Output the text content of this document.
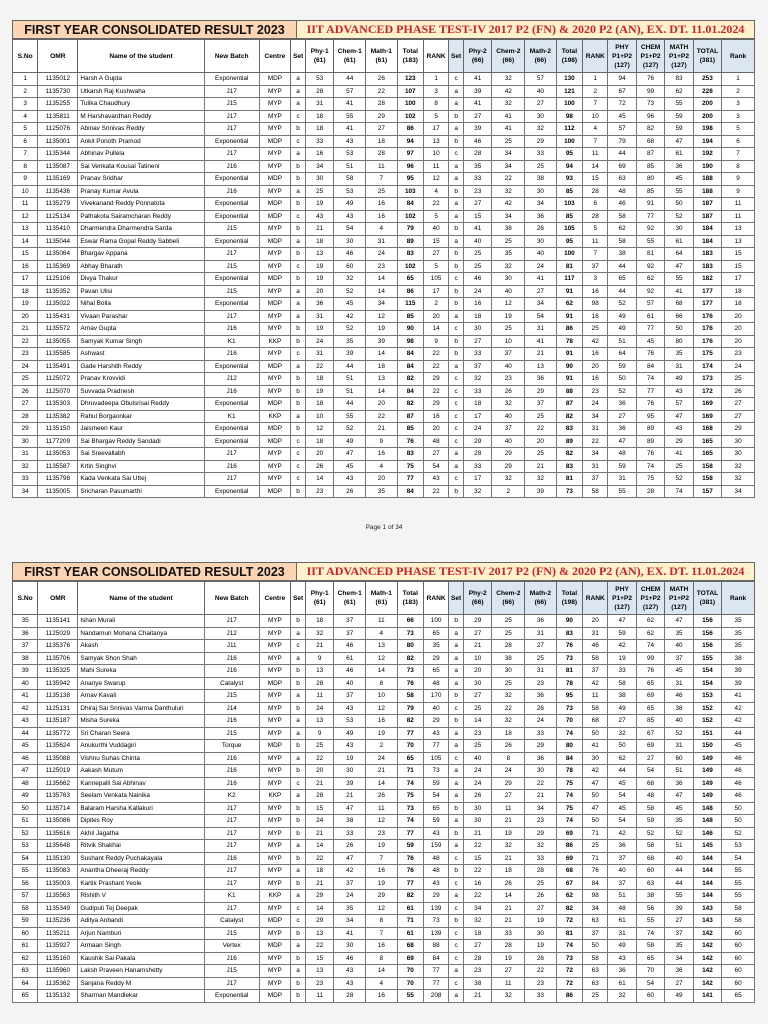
FIRST YEAR CONSOLIDATED RESULT 2023	IIT ADVANCED PHASE TEST-IV 2017 P2 (FN) & 2020 P2 (AN), EX. DT. 11.01.2024
S.No	OMR	Name of the student	New Batch	Centre	Set	Phy-1 (61)	Chem-1 (61)	Math-1 (61)	Total (183)	RANK	Set	Phy-2 (66)	Chem-2 (66)	Math-2 (66)	Total (198)	RANK	PHY P1+P2 (127)	CHEM P1+P2 (127)	MATH P1+P2 (127)	TOTAL (381)	Rank
1	1135012	Harsh A Gupta	Exponential	MDP	a	53	44	26	123	1	c	41	32	57	130	1	94	76	83	253	1
2	1135730	Utkarsh Raj Kushwaha	J17	MYP	a	28	57	22	107	3	a	39	42	40	121	2	67	99	62	228	2
3	1135255	Tulika Chaudhury	J15	MYP	a	31	41	28	100	8	a	41	32	27	100	7	72	73	55	200	3
4	1135811	M Harshavardhan Reddy	J17	MYP	c	18	55	29	102	5	b	27	41	30	98	10	45	96	59	200	3
5	1125076	Abinav Srinivas Reddy	J17	MYP	b	18	41	27	86	17	a	39	41	32	112	4	57	82	59	198	5
6	1135001	Ankit Ponoth Pramod	Exponential	MDP	c	33	43	18	94	13	b	46	25	29	100	7	79	68	47	194	6
7	1135344	Abhinav Pullela	J17	MYP	a	16	53	28	97	10	c	28	34	33	95	11	44	87	61	192	7
8	1135087	Sai Venkata Kousal Tatineni	J16	MYP	b	34	51	11	96	11	a	35	34	25	94	14	69	85	36	190	8
9	1135169	Pranav Sridhar	Exponential	MDP	b	30	58	7	95	12	a	33	22	38	93	15	63	80	45	188	9
10	1135436	Pranay Kumar Avula	J16	MYP	a	25	53	25	103	4	b	23	32	30	85	28	48	85	55	188	9
11	1135279	Vivekanand Reddy Ponnatota	Exponential	MDP	b	19	49	16	84	22	a	27	42	34	103	6	46	91	50	187	11
12	1125134	Pathakota Sairamcharan Reddy	Exponential	MDP	c	43	43	16	102	5	a	15	34	36	85	28	58	77	52	187	11
13	1135410	Dharmendra Dharmendra Sarda	J15	MYP	b	21	54	4	79	40	b	41	38	26	105	5	62	92	30	184	13
14	1135044	Eswar Rama Gopal Reddy Sabbeli	Exponential	MDP	a	18	30	31	89	15	a	40	25	30	95	11	58	55	61	184	13
15	1135064	Bhargav Appana	J17	MYP	b	13	46	24	83	27	b	25	35	40	100	7	38	81	64	183	15
16	1135369	Abhay Bharath	J15	MYP	c	19	60	23	102	5	b	25	32	24	81	37	44	92	47	183	15
17	1125106	Divya Thakur	Exponential	MDP	b	19	32	14	65	105	c	46	30	41	117	3	65	62	55	182	17
18	1135352	Pavan Ulisi	J15	MYP	a	20	52	14	86	17	b	24	40	27	91	16	44	92	41	177	18
19	1135022	Nihal Bolla	Exponential	MDP	a	36	45	34	115	2	b	16	12	34	62	98	52	57	68	177	18
20	1135431	Vivaan Parashar	J17	MYP	a	31	42	12	85	20	a	18	19	54	91	16	49	61	66	176	20
21	1135572	Arnav Gupta	J16	MYP	b	19	52	19	90	14	c	30	25	31	86	25	49	77	50	176	20
22	1135055	Samyak Kumar Singh	K1	KKP	b	24	35	39	98	9	b	27	10	41	78	42	51	45	80	176	20
23	1135585	Ashwast	J16	MYP	c	31	39	14	84	22	b	33	37	21	91	16	64	76	35	175	23
24	1135491	Gade Harshith Reddy	Exponential	MDP	a	22	44	18	84	22	a	37	40	13	90	20	59	84	31	174	24
25	1125072	Pranav Krovvidi	J12	MYP	b	18	51	13	82	29	c	32	23	36	91	16	50	74	49	173	25
26	1125070	Suvvada Pradnesh	J16	MYP	b	19	51	14	84	22	c	33	26	29	88	23	52	77	43	172	26
27	1135303	Dhruvadeepa Obulsrisai Reddy	Exponential	MDP	b	18	44	20	82	29	c	18	32	37	87	24	36	76	57	169	27
28	1135382	Rahul Borgaonkar	K1	KKP	a	10	55	22	87	16	c	17	40	25	82	34	27	95	47	169	27
29	1135150	Jaismeen Kaur	Exponential	MDP	b	12	52	21	85	20	c	24	37	22	83	31	36	89	43	168	29
30	1177209	Sai Bhargav Reddy Sandadi	Exponential	MDP	c	18	49	9	76	48	c	29	40	20	89	22	47	89	29	165	30
31	1135053	Sai Sreevallabh	J17	MYP	c	20	47	16	83	27	a	28	29	25	82	34	48	76	41	165	30
32	1135587	Krtin Singhvi	J16	MYP	c	26	45	4	75	54	a	33	29	21	83	31	59	74	25	158	32
33	1135798	Kada Venkata Sai Uttej	J17	MYP	c	14	43	20	77	43	c	17	32	32	81	37	31	75	52	158	32
34	1135005	Sricharan Pasumarthi	Exponential	MDP	b	23	26	35	84	22	b	32	2	39	73	58	55	28	74	157	34
Page 1 of 34
FIRST YEAR CONSOLIDATED RESULT 2023	IIT ADVANCED PHASE TEST-IV 2017 P2 (FN) & 2020 P2 (AN), EX. DT. 11.01.2024
S.No	OMR	Name of the student	New Batch	Centre	Set	Phy-1 (61)	Chem-1 (61)	Math-1 (61)	Total (183)	RANK	Set	Phy-2 (66)	Chem-2 (66)	Math-2 (66)	Total (198)	RANK	PHY P1+P2 (127)	CHEM P1+P2 (127)	MATH P1+P2 (127)	TOTAL (381)	Rank
35	1135141	Ishan Murali	J17	MYP	b	18	37	11	66	100	b	29	25	36	90	20	47	62	47	156	35
36	1125029	Nandamuri Mohana Chaitanya	J12	MYP	a	32	37	4	73	65	a	27	25	31	83	31	59	62	35	156	35
37	1135376	Akash	J11	MYP	c	21	46	13	80	35	a	21	28	27	76	46	42	74	40	156	35
38	1135706	Samyak Shon Shah	J16	MYP	a	9	61	12	82	29	a	10	38	25	73	58	19	99	37	155	38
39	1135325	Mahi Sureka	J16	MYP	b	13	46	14	73	65	a	20	30	31	81	37	33	76	45	154	39
40	1135942	Ananye Swarup	Catalyst	MDP	b	28	40	8	76	48	a	30	25	23	78	42	58	65	31	154	39
41	1135138	Arnav Kavali	J15	MYP	a	11	37	10	58	170	b	27	32	36	95	11	38	69	46	153	41
42	1125131	Dhiraj Sai Srinivas Varma Danthuluri	J14	MYP	b	24	43	12	79	40	c	25	22	26	73	58	49	65	38	152	42
43	1135187	Misha Sureka	J16	MYP	a	13	53	16	82	29	b	14	32	24	70	68	27	85	40	152	42
44	1135772	Sri Charan Seera	J15	MYP	a	9	49	19	77	43	a	23	18	33	74	50	32	67	52	151	44
45	1135624	Anukurthi Vuddagiri	Torque	MDP	b	25	43	2	70	77	a	25	26	29	80	41	50	69	31	150	45
46	1135088	Vishnu Suhas Chinta	J16	MYP	a	22	19	24	65	105	c	40	8	36	84	30	62	27	60	149	46
47	1125019	Aakash Mutum	J16	MYP	b	20	30	21	71	73	a	24	24	30	78	42	44	54	51	149	46
48	1135662	Kannepalli Sai Abhinav	J16	MYP	c	21	39	14	74	59	a	24	29	22	75	47	45	68	36	149	46
49	1135763	Seelam Venkata Nainika	K2	KKP	a	28	21	26	75	54	a	26	27	21	74	50	54	48	47	149	46
50	1135714	Balaram Harsha Kallakuri	J17	MYP	b	15	47	11	73	65	b	30	11	34	75	47	45	58	45	148	50
51	1135086	Dipites Roy	J17	MYP	b	24	38	12	74	59	a	30	21	23	74	50	54	59	35	148	50
52	1135616	Akhil Jagatha	J17	MYP	b	21	33	23	77	43	b	21	19	29	69	71	42	52	52	146	52
53	1135648	Ritvik Shakhai	J17	MYP	a	14	26	19	59	159	a	22	32	32	86	25	36	58	51	145	53
54	1135130	Sushant Reddy Puchakayala	J16	MYP	b	22	47	7	76	48	c	15	21	33	69	71	37	68	40	144	54
55	1135083	Anantha Dheeraj Reddy	J17	MYP	a	18	42	16	76	48	b	22	18	28	68	76	40	60	44	144	55
56	1135003	Kartik Prashant Yeole	J17	MYP	b	21	37	19	77	43	c	16	26	25	67	84	37	63	44	144	55
57	1135563	Rishith V	K1	KKP	a	29	24	29	82	29	a	22	14	26	62	98	51	38	55	144	55
58	1135349	Gudiputi Tej Deepak	J17	MYP	c	14	35	12	61	139	c	34	21	27	82	34	48	56	39	143	58
59	1135236	Aditya Anbandi	Catalyst	MDP	c	29	34	8	71	73	b	32	21	19	72	63	61	55	27	143	58
60	1135211	Arjun Namburi	J15	MYP	b	13	41	7	61	139	c	18	33	30	81	37	31	74	37	142	60
61	1135927	Armaan Singh	Vertex	MDP	a	22	30	16	68	88	c	27	28	19	74	50	49	58	35	142	60
62	1135160	Kaushik Sai Pakala	J16	MYP	b	15	46	8	69	84	c	28	19	26	73	58	43	65	34	142	60
63	1135960	Laksh Praveen Hanamshetty	J15	MYP	a	13	43	14	70	77	a	23	27	22	72	63	36	70	36	142	60
64	1135362	Sanjana Reddy M	J17	MYP	b	23	43	4	70	77	c	38	11	23	72	63	61	54	27	142	60
65	1135132	Sharman Mandlekar	Exponential	MDP	b	11	28	16	55	208	a	21	32	33	86	25	32	60	49	141	65
